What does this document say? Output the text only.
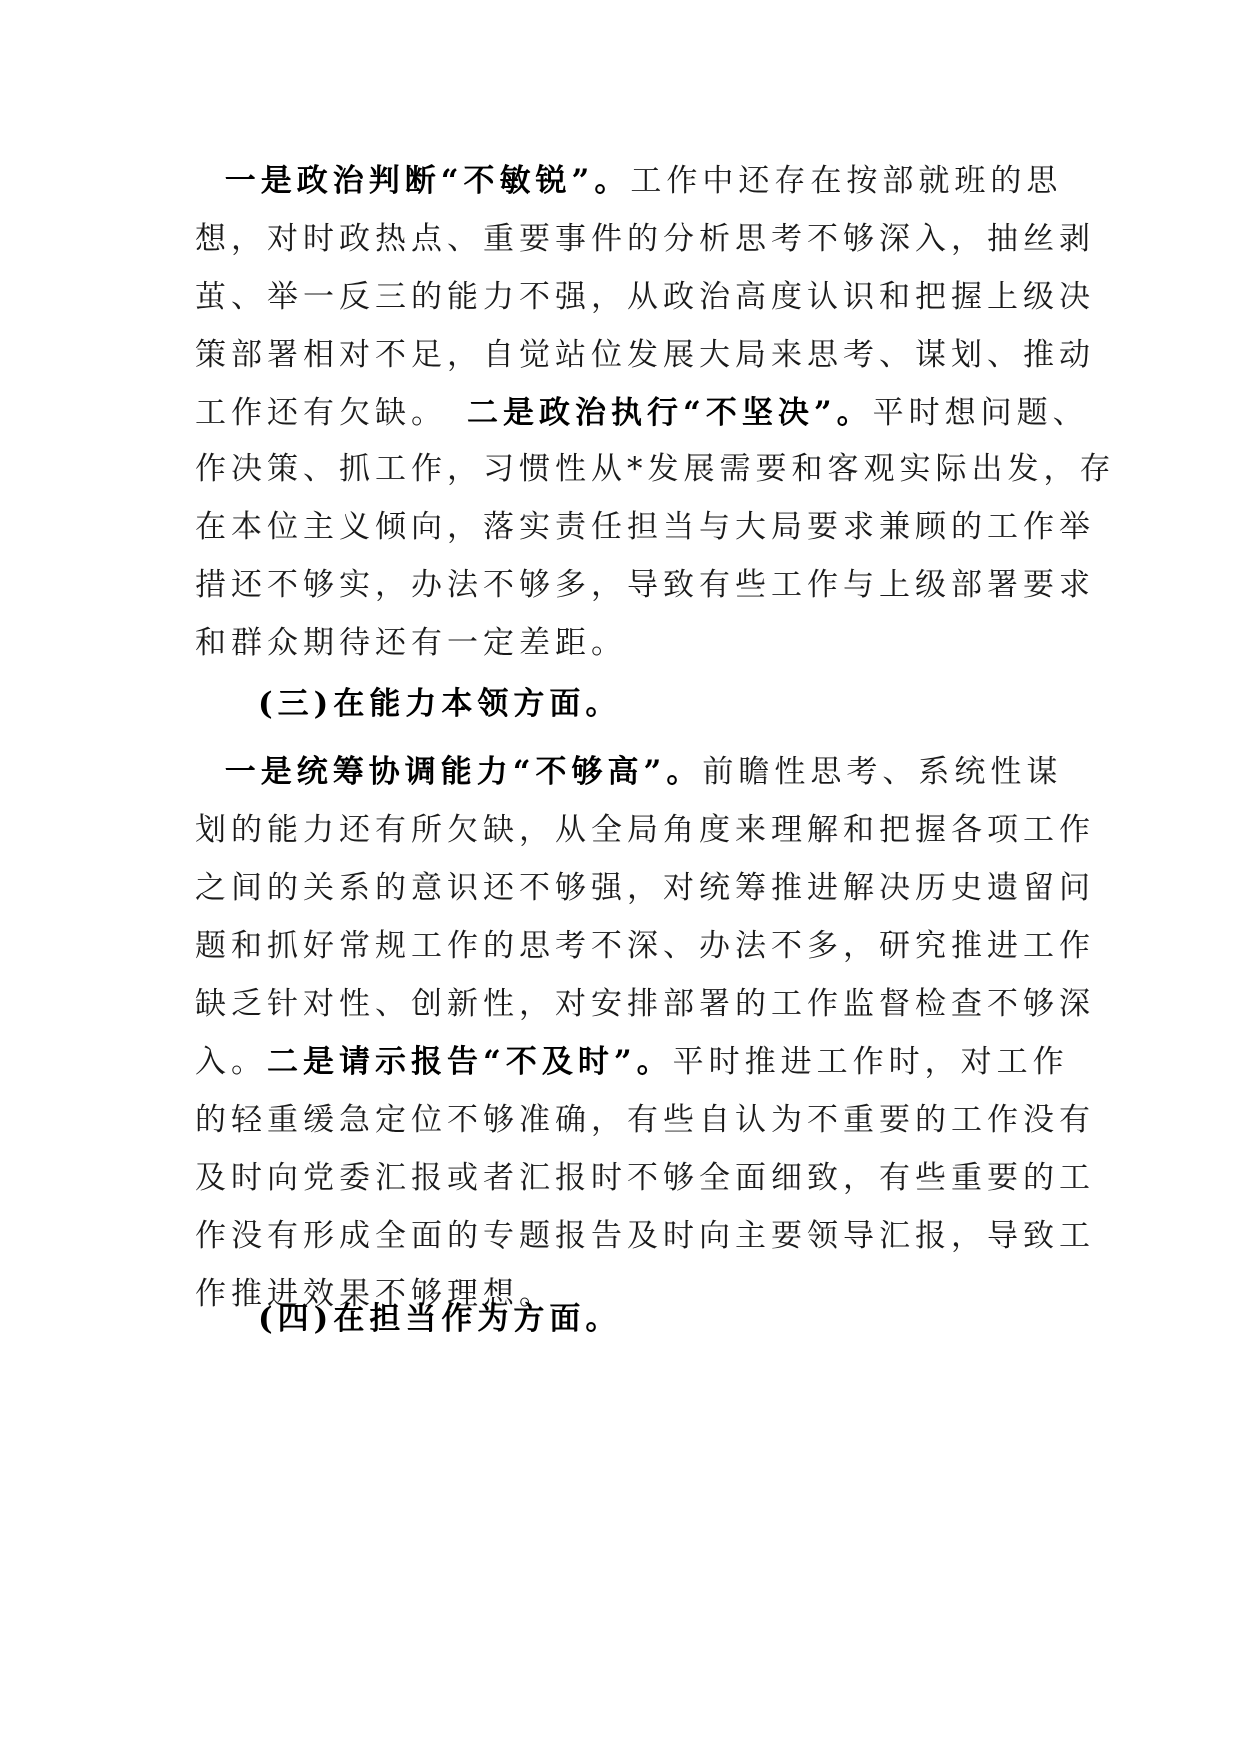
一是政治判断“不敏锐”。工作中还存在按部就班的思
想，对时政热点、重要事件的分析思考不够深入，抽丝剥
茧、举一反三的能力不强，从政治高度认识和把握上级决
策部署相对不足，自觉站位发展大局来思考、谋划、推动
工作还有欠缺。 二是政治执行“不坚决”。平时想问题、
作决策、抓工作，习惯性从*发展需要和客观实际出发，存
在本位主义倾向，落实责任担当与大局要求兼顾的工作举
措还不够实，办法不够多，导致有些工作与上级部署要求
和群众期待还有一定差距。
(三)在能力本领方面。
一是统筹协调能力“不够高”。前瞻性思考、系统性谋
划的能力还有所欠缺，从全局角度来理解和把握各项工作
之间的关系的意识还不够强，对统筹推进解决历史遗留问
题和抓好常规工作的思考不深、办法不多，研究推进工作
缺乏针对性、创新性，对安排部署的工作监督检查不够深
入。二是请示报告“不及时”。平时推进工作时，对工作
的轻重缓急定位不够准确，有些自认为不重要的工作没有
及时向党委汇报或者汇报时不够全面细致，有些重要的工
作没有形成全面的专题报告及时向主要领导汇报，导致工
作推进效果不够理想。
(四)在担当作为方面。
